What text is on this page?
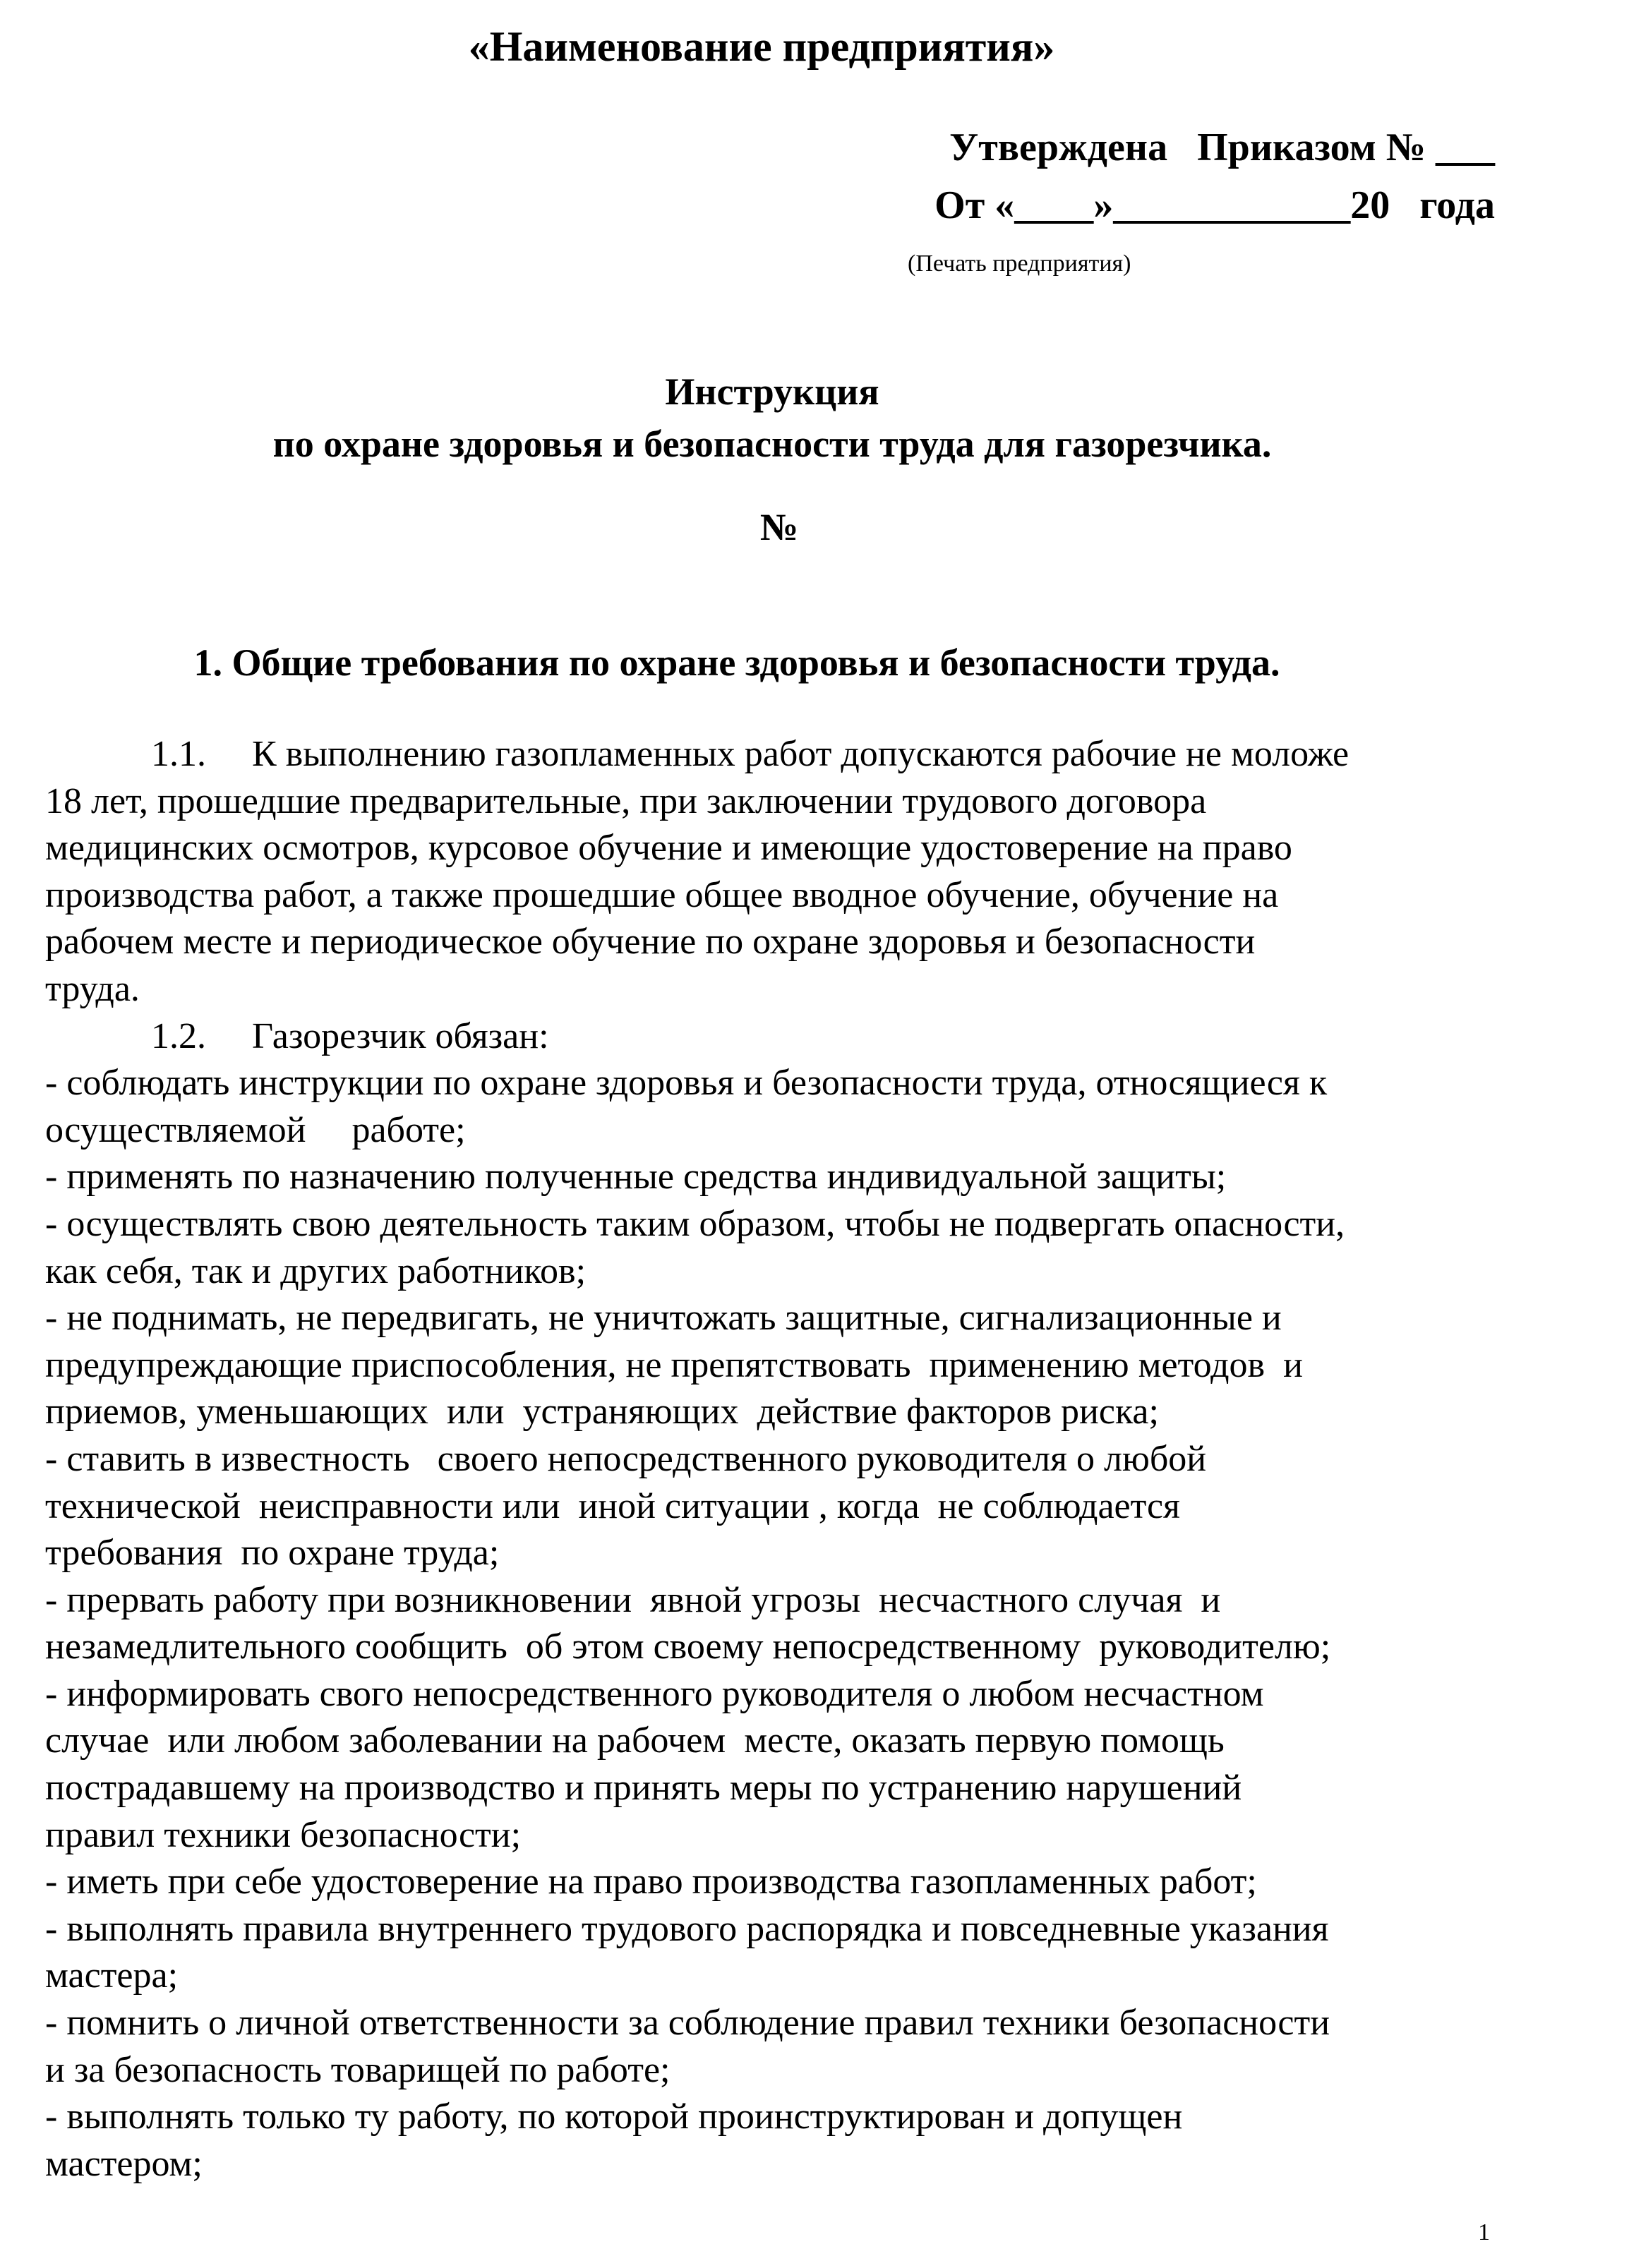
«Наименование предприятия»
Утверждена   Приказом № ___
От «____»____________20   года
(Печать предприятия)
Инструкция
по охране здоровья и безопасности труда для газорезчика.
№
1. Общие требования по охране здоровья и безопасности труда.
1.1.     К выполнению газопламенных работ допускаются рабочие не моложе
18 лет, прошедшие предварительные, при заключении трудового договора
медицинских осмотров, курсовое обучение и имеющие удостоверение на право
производства работ, а также прошедшие общее вводное обучение, обучение на
рабочем месте и периодическое обучение по охране здоровья и безопасности
труда.
1.2.     Газорезчик обязан:
- соблюдать инструкции по охране здоровья и безопасности труда, относящиеся к
осуществляемой     работе;
- применять по назначению полученные средства индивидуальной защиты;
- осуществлять свою деятельность таким образом, чтобы не подвергать опасности,
как себя, так и других работников;
- не поднимать, не передвигать, не уничтожать защитные, сигнализационные и
предупреждающие приспособления, не препятствовать  применению методов  и
приемов, уменьшающих  или  устраняющих  действие факторов риска;
- ставить в известность   своего непосредственного руководителя о любой
технической  неисправности или  иной ситуации , когда  не соблюдается
требования  по охране труда;
- прервать работу при возникновении  явной угрозы  несчастного случая  и
незамедлительного сообщить  об этом своему непосредственному  руководителю;
- информировать свого непосредственного руководителя о любом несчастном
случае  или любом заболевании на рабочем  месте, оказать первую помощь
пострадавшему на производство и принять меры по устранению нарушений
правил техники безопасности;
- иметь при себе удостоверение на право производства газопламенных работ;
- выполнять правила внутреннего трудового распорядка и повседневные указания
мастера;
- помнить о личной ответственности за соблюдение правил техники безопасности
и за безопасность товарищей по работе;
- выполнять только ту работу, по которой проинструктирован и допущен
мастером;
1
